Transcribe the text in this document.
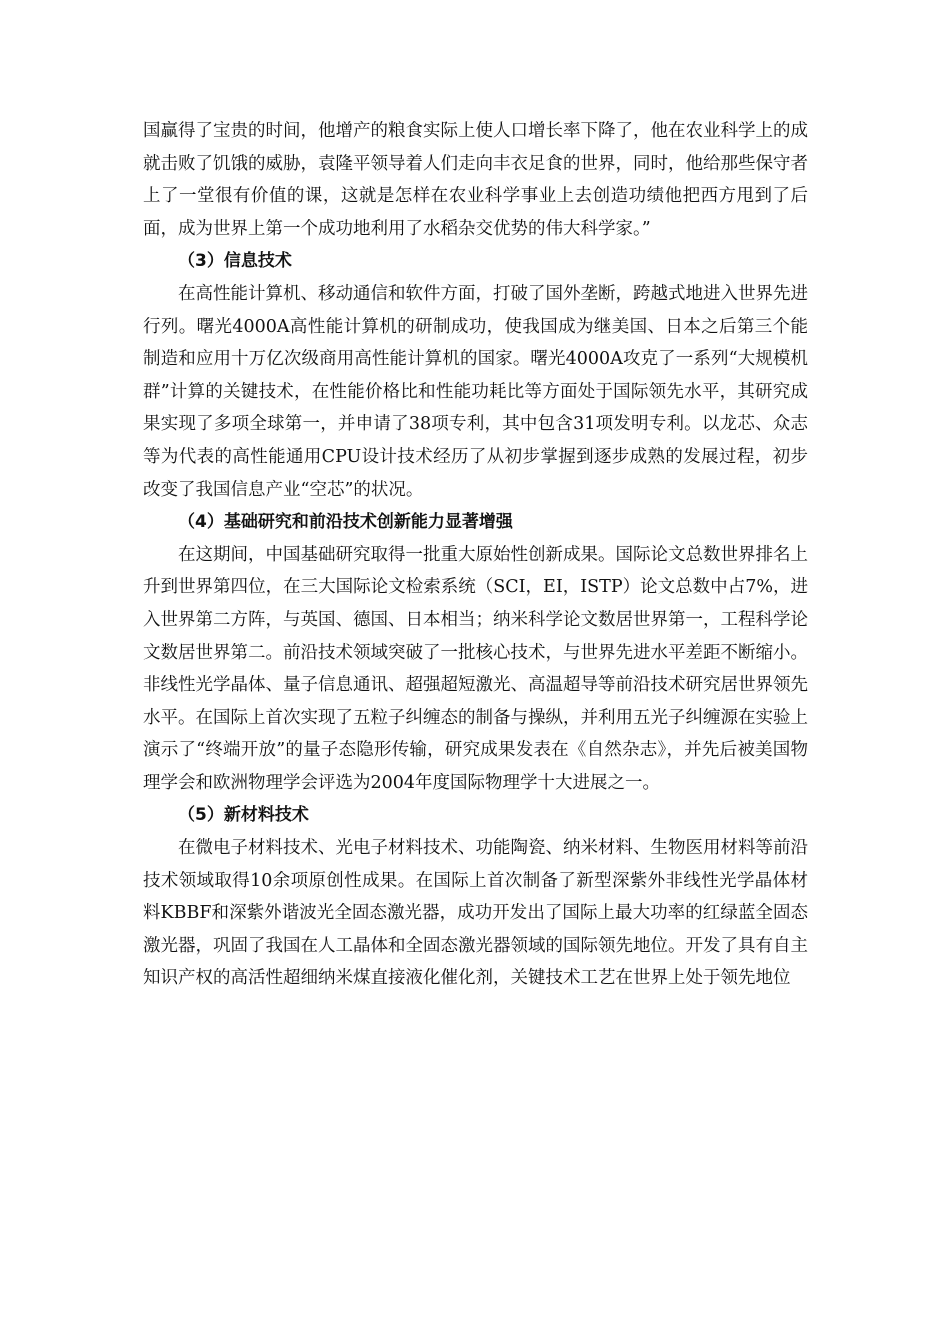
国赢得了宝贵的时间，他增产的粮食实际上使人口增长率下降了，他在农业科学上的成就击败了饥饿的威胁，袁隆平领导着人们走向丰衣足食的世界，同时，他给那些保守者上了一堂很有价值的课，这就是怎样在农业科学事业上去创造功绩他把西方甩到了后面，成为世界上第一个成功地利用了水稻杂交优势的伟大科学家。”

（3）信息技术

在高性能计算机、移动通信和软件方面，打破了国外垄断，跨越式地进入世界先进行列。曙光4000A高性能计算机的研制成功，使我国成为继美国、日本之后第三个能制造和应用十万亿次级商用高性能计算机的国家。曙光4000A攻克了一系列“大规模机群”计算的关键技术，在性能价格比和性能功耗比等方面处于国际领先水平，其研究成果实现了多项全球第一，并申请了38项专利，其中包含31项发明专利。以龙芯、众志等为代表的高性能通用CPU设计技术经历了从初步掌握到逐步成熟的发展过程，初步改变了我国信息产业“空芯”的状况。

（4）基础研究和前沿技术创新能力显著增强

在这期间，中国基础研究取得一批重大原始性创新成果。国际论文总数世界排名上升到世界第四位，在三大国际论文检索系统（SCI，EI，ISTP）论文总数中占7%，进入世界第二方阵，与英国、德国、日本相当；纳米科学论文数居世界第一，工程科学论文数居世界第二。前沿技术领域突破了一批核心技术，与世界先进水平差距不断缩小。非线性光学晶体、量子信息通讯、超强超短激光、高温超导等前沿技术研究居世界领先水平。在国际上首次实现了五粒子纠缠态的制备与操纵，并利用五光子纠缠源在实验上演示了“终端开放”的量子态隐形传输，研究成果发表在《自然杂志》，并先后被美国物理学会和欧洲物理学会评选为2004年度国际物理学十大进展之一。

（5）新材料技术

在微电子材料技术、光电子材料技术、功能陶瓷、纳米材料、生物医用材料等前沿技术领域取得10余项原创性成果。在国际上首次制备了新型深紫外非线性光学晶体材料KBBF和深紫外谐波光全固态激光器，成功开发出了国际上最大功率的红绿蓝全固态激光器，巩固了我国在人工晶体和全固态激光器领域的国际领先地位。开发了具有自主知识产权的高活性超细纳米煤直接液化催化剂，关键技术工艺在世界上处于领先地位
